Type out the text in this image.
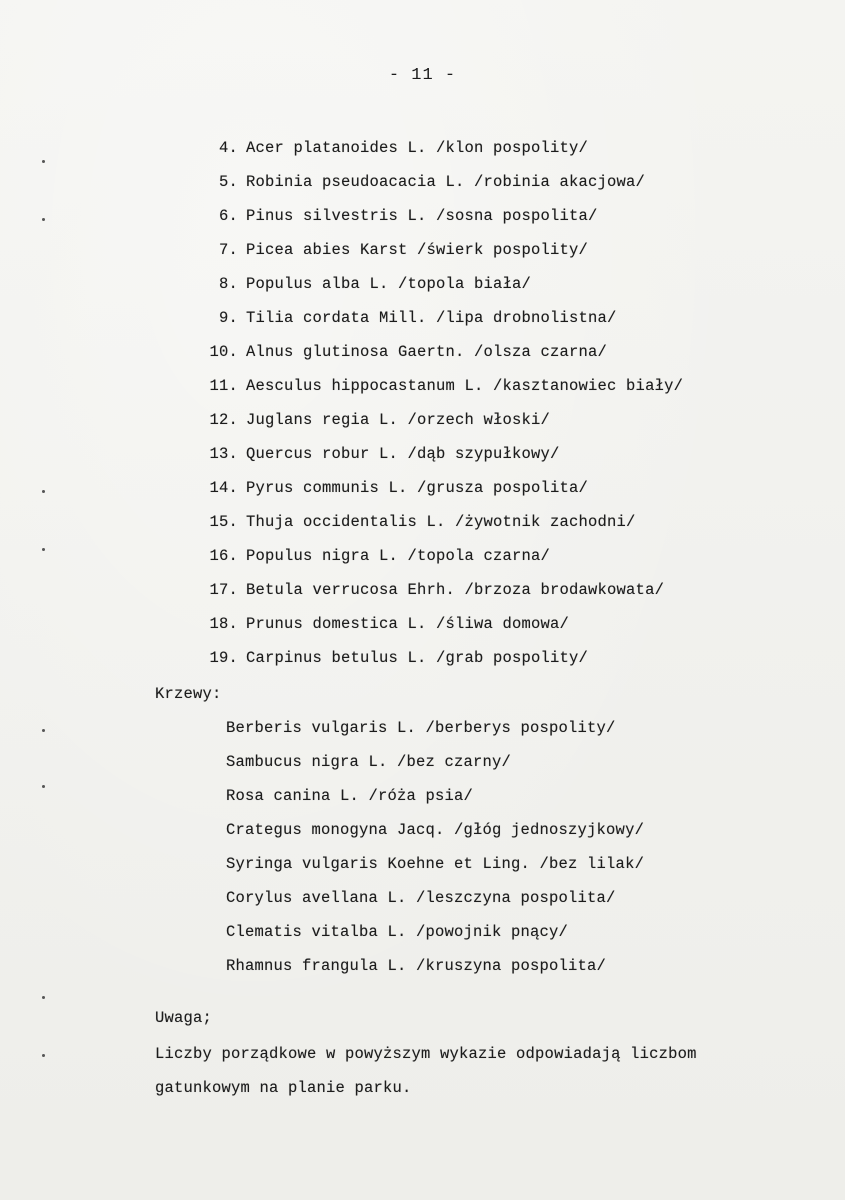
- 11 -
4. Acer platanoides L. /klon pospolity/
5. Robinia pseudoacacia L. /robinia akacjowa/
6. Pinus silvestris L. /sosna pospolita/
7. Picea abies Karst /świerk pospolity/
8. Populus alba L. /topola biała/
9. Tilia cordata Mill. /lipa drobnolistna/
10. Alnus glutinosa Gaertn. /olsza czarna/
11. Aesculus hippocastanum L. /kasztanowiec biały/
12. Juglans regia L. /orzech włoski/
13. Quercus robur L. /dąb szypułkowy/
14. Pyrus communis L. /grusza pospolita/
15. Thuja occidentalis L. /żywotnik zachodni/
16. Populus nigra L. /topola czarna/
17. Betula verrucosa Ehrh. /brzoza brodawkowata/
18. Prunus domestica L. /śliwa domowa/
19. Carpinus betulus L. /grab pospolity/
Krzewy:
Berberis vulgaris L. /berberys pospolity/
Sambucus nigra L. /bez czarny/
Rosa canina L. /róża psia/
Crategus monogyna Jacq. /głóg jednoszyjkowy/
Syringa vulgaris Koehne et Ling. /bez lilak/
Corylus avellana L. /leszczyna pospolita/
Clematis vitalba L. /powojnik pnący/
Rhamnus frangula L. /kruszyna pospolita/
Uwaga;
Liczby porządkowe w powyższym wykazie odpowiadają liczbom
gatunkowym na planie parku.
